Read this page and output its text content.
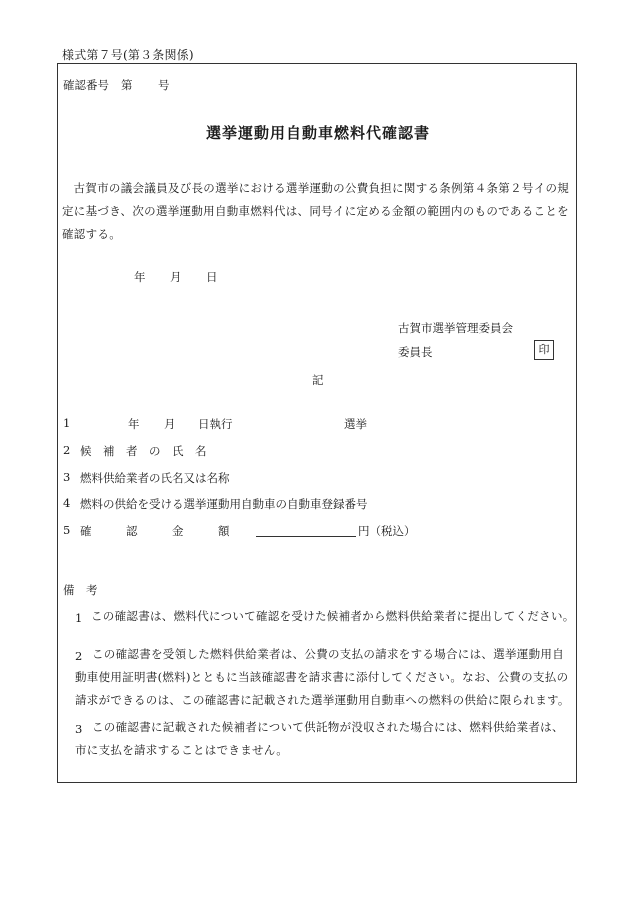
様式第７号(第３条関係)
確認番号 第 号
選挙運動用自動車燃料代確認書
古賀市の議会議員及び長の選挙における選挙運動の公費負担に関する条例第４条第２号イの規定に基づき、次の選挙運動用自動車燃料代は、同号イに定める金額の範囲内のものであることを確認する。
年 月 日
古賀市選挙管理委員会
委員長	印
記
1	年 月 日執行	選挙
2 候　補　者　の　氏　名
3 燃料供給業者の氏名又は名称
4 燃料の供給を受ける選挙運動用自動車の自動車登録番号
5 確　　　認　　　金　　　額	円（税込）
備　考
1 この確認書は、燃料代について確認を受けた候補者から燃料供給業者に提出してください。
2 この確認書を受領した燃料供給業者は、公費の支払の請求をする場合には、選挙運動用自動車使用証明書(燃料)とともに当該確認書を請求書に添付してください。なお、公費の支払の請求ができるのは、この確認書に記載された選挙運動用自動車への燃料の供給に限られます。
3 この確認書に記載された候補者について供託物が没収された場合には、燃料供給業者は、市に支払を請求することはできません。
